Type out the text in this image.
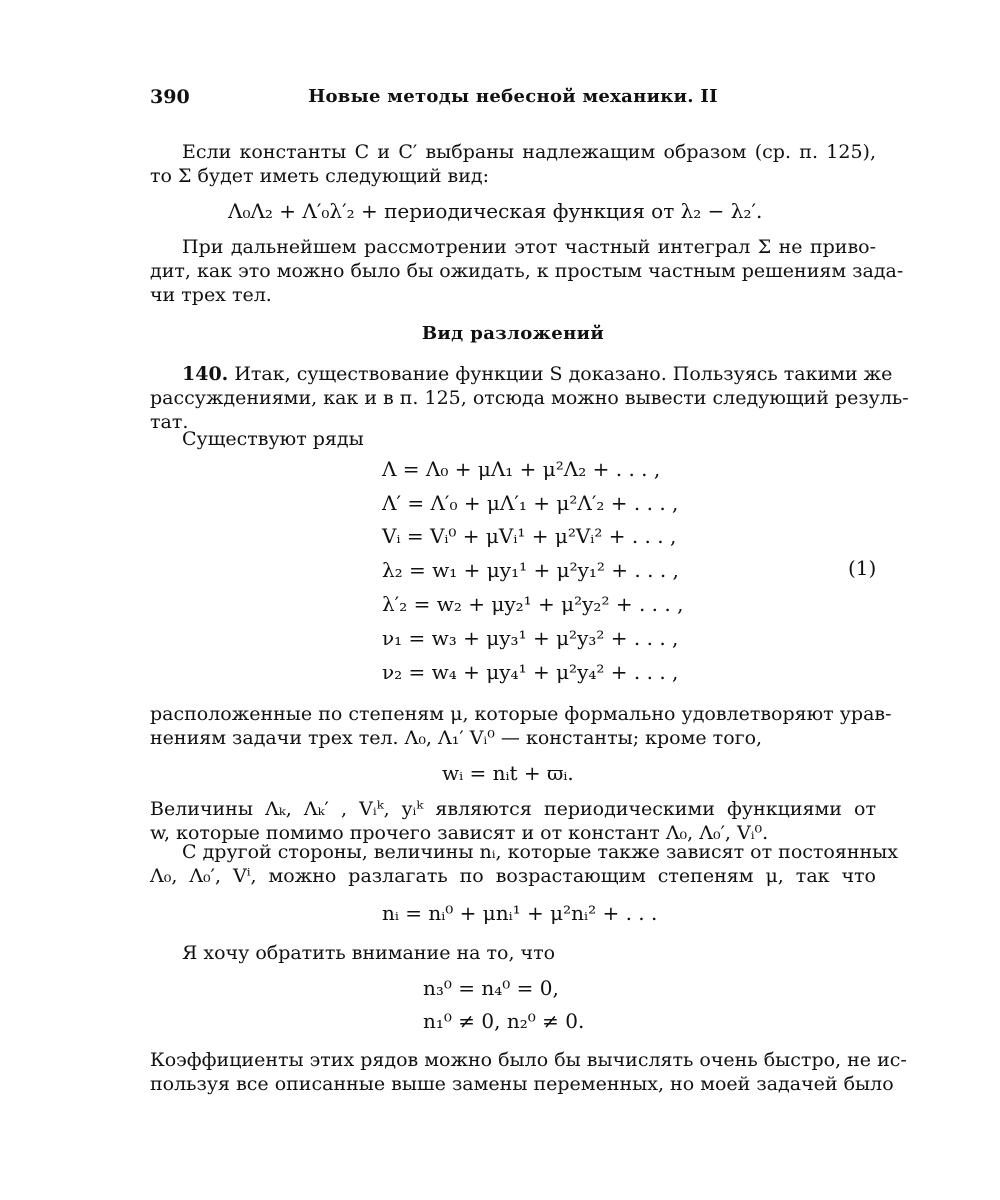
390	Новые методы небесной механики. II
Если константы C и C′ выбраны надлежащим образом (ср. п. 125),
то Σ будет иметь следующий вид:
Λ₀Λ₂ + Λ′₀λ′₂ + периодическая функция от λ₂ − λ₂′.
При дальнейшем рассмотрении этот частный интеграл Σ не приво-
дит, как это можно было бы ожидать, к простым частным решениям зада-
чи трех тел.
Вид разложений
140. Итак, существование функции S доказано. Пользуясь такими же
рассуждениями, как и в п. 125, отсюда можно вывести следующий резуль-
тат.
Существуют ряды
Λ = Λ₀ + μΛ₁ + μ²Λ₂ + . . . ,
Λ′ = Λ′₀ + μΛ′₁ + μ²Λ′₂ + . . . ,
Vᵢ = Vᵢ⁰ + μVᵢ¹ + μ²Vᵢ² + . . . ,
λ₂ = w₁ + μy₁¹ + μ²y₁² + . . . ,
λ′₂ = w₂ + μy₂¹ + μ²y₂² + . . . ,
ν₁ = w₃ + μy₃¹ + μ²y₃² + . . . ,
ν₂ = w₄ + μy₄¹ + μ²y₄² + . . . ,
(1)
расположенные по степеням μ, которые формально удовлетворяют урав-
нениям задачи трех тел. Λ₀, Λ₁′ Vᵢ⁰ — константы; кроме того,
wᵢ = nᵢt + ϖᵢ.
Величины Λₖ, Λₖ′ , Vᵢᵏ, yᵢᵏ являются периодическими функциями от
w, которые помимо прочего зависят и от констант Λ₀, Λ₀′, Vᵢ⁰.
С другой стороны, величины nᵢ, которые также зависят от постоянных
Λ₀, Λ₀′, Vⁱ, можно разлагать по возрастающим степеням μ, так что
nᵢ = nᵢ⁰ + μnᵢ¹ + μ²nᵢ² + . . .
Я хочу обратить внимание на то, что
n₃⁰ = n₄⁰ = 0,
n₁⁰ ≠ 0, n₂⁰ ≠ 0.
Коэффициенты этих рядов можно было бы вычислять очень быстро, не ис-
пользуя все описанные выше замены переменных, но моей задачей было
